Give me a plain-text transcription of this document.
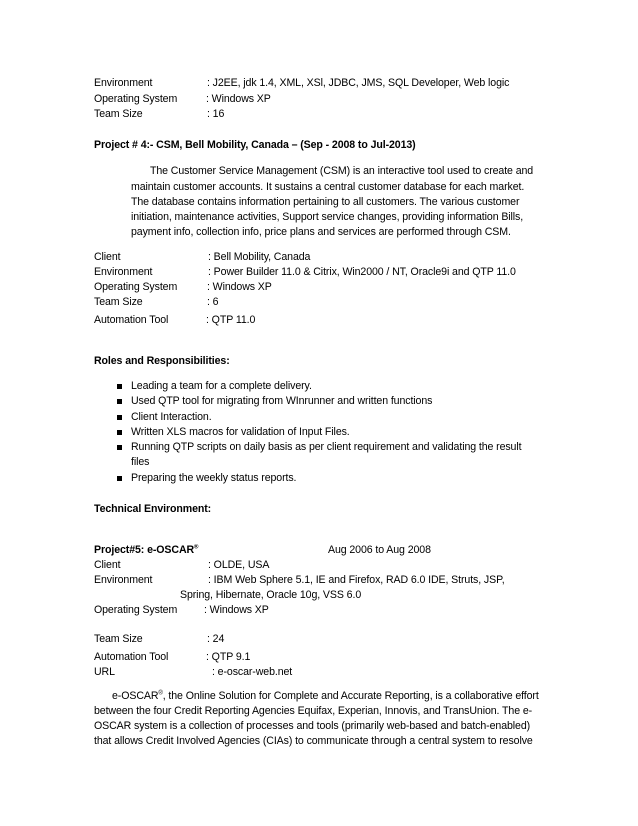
Environment	: J2EE, jdk 1.4, XML, XSl, JDBC, JMS, SQL Developer, Web logic
Operating System	: Windows XP
Team Size	: 16
Project # 4:- CSM, Bell Mobility, Canada – (Sep - 2008 to Jul-2013)
The Customer Service Management (CSM) is an interactive tool used to create and
maintain customer accounts. It sustains a central customer database for each market.
The database contains information pertaining to all customers. The various customer
initiation, maintenance activities, Support service changes, providing information Bills,
payment info, collection info, price plans and services are performed through CSM.
Client	: Bell Mobility, Canada
Environment	: Power Builder 11.0 & Citrix, Win2000 / NT, Oracle9i and QTP 11.0
Operating System	: Windows XP
Team Size	: 6
Automation Tool	: QTP 11.0
Roles and Responsibilities:
Leading a team for a complete delivery.
Used QTP tool for migrating from WInrunner and written functions
Client Interaction.
Written XLS macros for validation of Input Files.
Running QTP scripts on daily basis as per client requirement and validating the result
files
Preparing the weekly status reports.
Technical Environment:
Project#5: e-OSCAR®	Aug 2006 to Aug 2008
Client	: OLDE, USA
Environment	: IBM Web Sphere 5.1, IE and Firefox, RAD 6.0 IDE, Struts, JSP,
Spring, Hibernate, Oracle 10g, VSS 6.0
Operating System	: Windows XP
Team Size	: 24
Automation Tool	: QTP 9.1
URL	: e-oscar-web.net
e-OSCAR®, the Online Solution for Complete and Accurate Reporting, is a collaborative effort
between the four Credit Reporting Agencies Equifax, Experian, Innovis, and TransUnion. The e-
OSCAR system is a collection of processes and tools (primarily web-based and batch-enabled)
that allows Credit Involved Agencies (CIAs) to communicate through a central system to resolve
